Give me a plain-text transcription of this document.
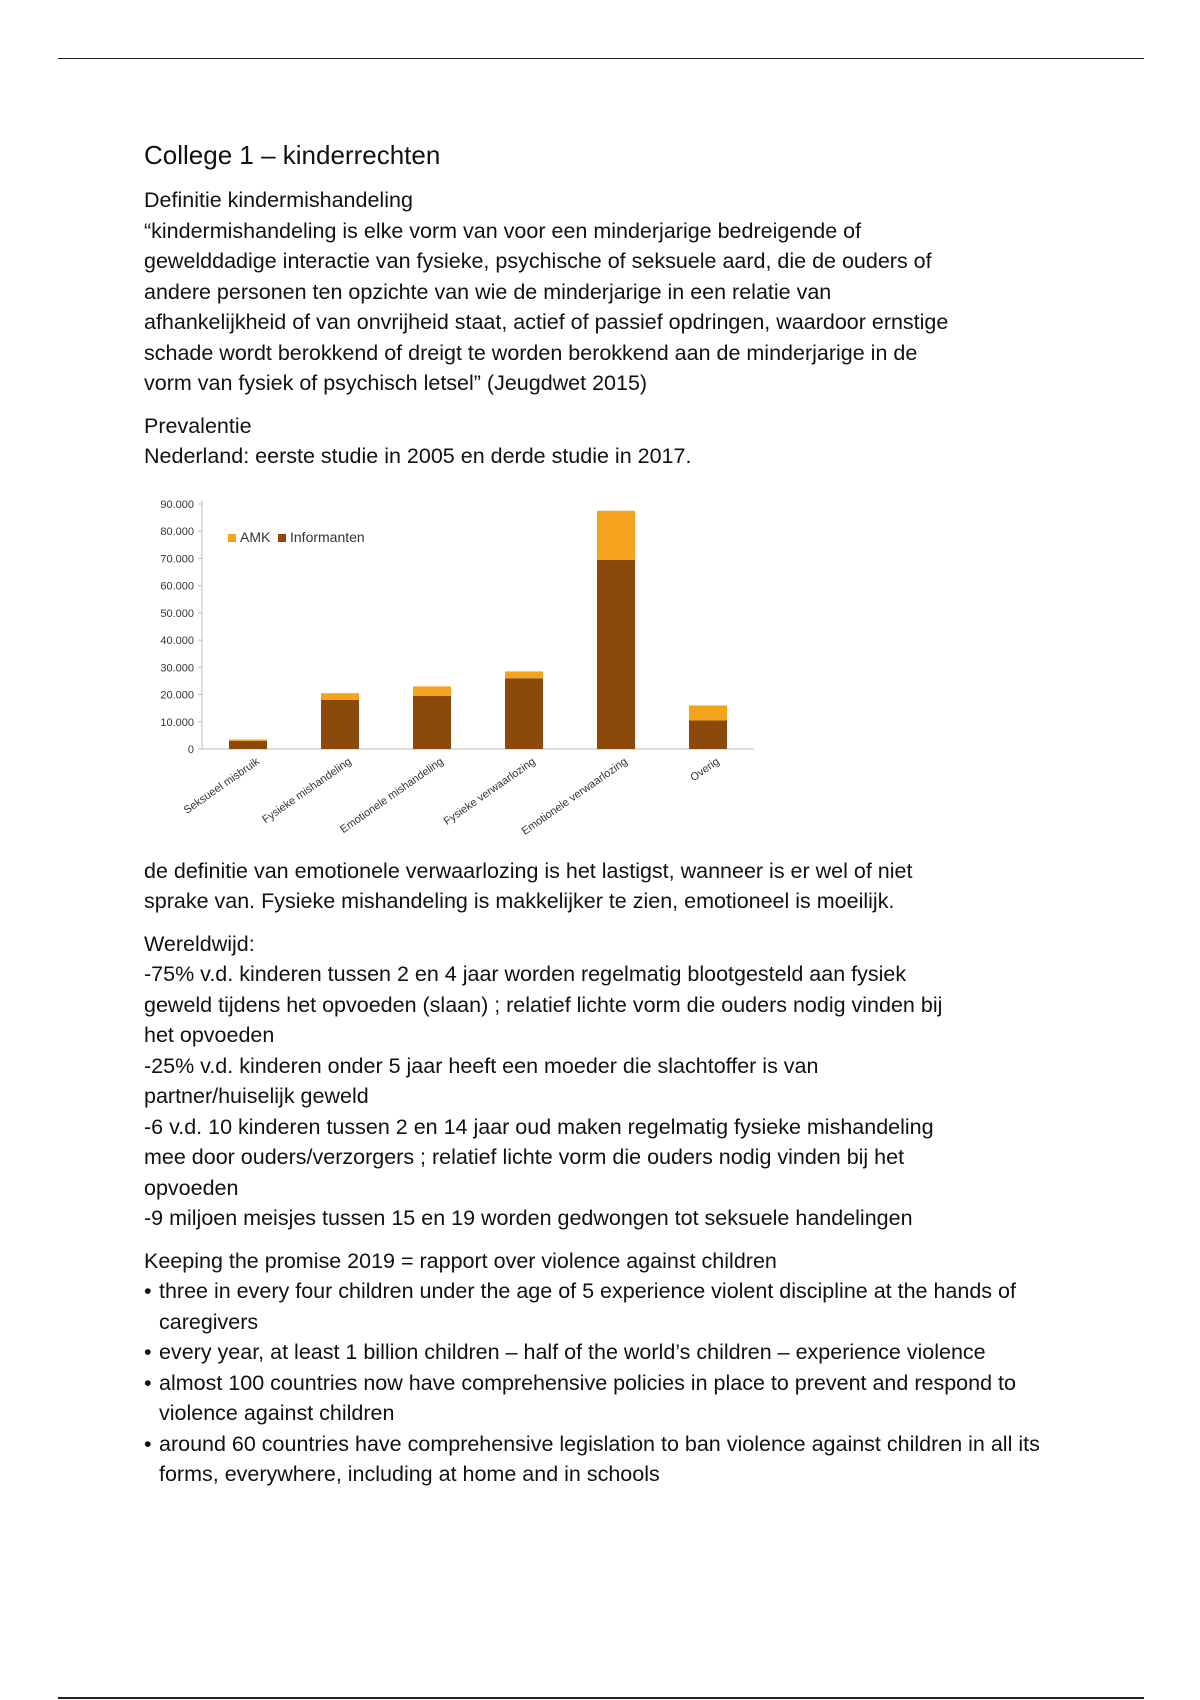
College 1 – kinderrechten
Definitie kindermishandeling
“kindermishandeling is elke vorm van voor een minderjarige bedreigende of
gewelddadige interactie van fysieke, psychische of seksuele aard, die de ouders of
andere personen ten opzichte van wie de minderjarige in een relatie van
afhankelijkheid of van onvrijheid staat, actief of passief opdringen, waardoor ernstige
schade wordt berokkend of dreigt te worden berokkend aan de minderjarige in de
vorm van fysiek of psychisch letsel” (Jeugdwet 2015)
Prevalentie
Nederland: eerste studie in 2005 en derde studie in 2017.
0
10.000
20.000
30.000
40.000
50.000
60.000
70.000
80.000
90.000
Seksueel misbruik
Fysieke mishandeling
Emotionele mishandeling
Fysieke verwaarlozing
Emotionele verwaarlozing	Overig
AMK Informanten
de definitie van emotionele verwaarlozing is het lastigst, wanneer is er wel of niet
sprake van. Fysieke mishandeling is makkelijker te zien, emotioneel is moeilijk.
Wereldwijd:
-75% v.d. kinderen tussen 2 en 4 jaar worden regelmatig blootgesteld aan fysiek
geweld tijdens het opvoeden (slaan) ; relatief lichte vorm die ouders nodig vinden bij
het opvoeden
-25% v.d. kinderen onder 5 jaar heeft een moeder die slachtoffer is van
partner/huiselijk geweld
-6 v.d. 10 kinderen tussen 2 en 14 jaar oud maken regelmatig fysieke mishandeling
mee door ouders/verzorgers ; relatief lichte vorm die ouders nodig vinden bij het
opvoeden
-9 miljoen meisjes tussen 15 en 19 worden gedwongen tot seksuele handelingen
Keeping the promise 2019 = rapport over violence against children
• three in every four children under the age of 5 experience violent discipline at the hands of caregivers
• every year, at least 1 billion children – half of the world’s children – experience violence
• almost 100 countries now have comprehensive policies in place to prevent and respond to violence against children
• around 60 countries have comprehensive legislation to ban violence against children in all its forms, everywhere, including at home and in schools
